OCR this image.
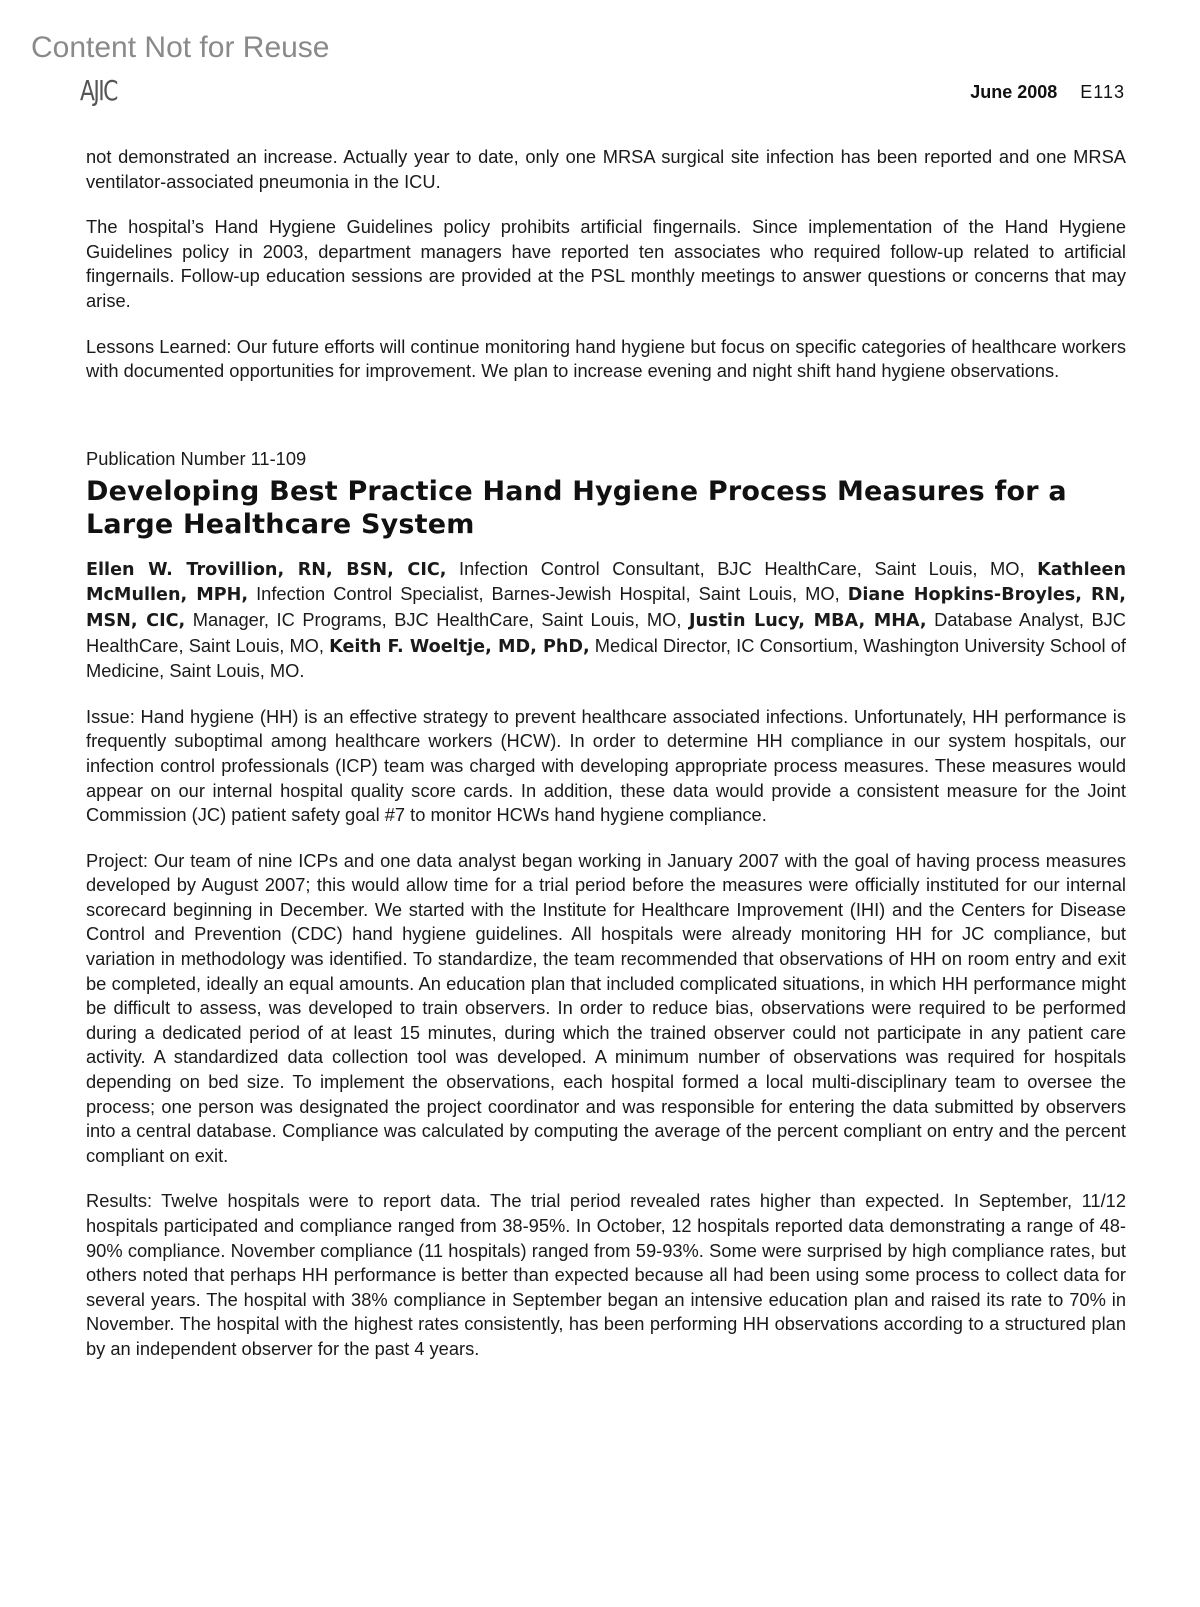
Content Not for Reuse
AJIC	June 2008 E113

not demonstrated an increase. Actually year to date, only one MRSA surgical site infection has been reported and one MRSA ventilator-associated pneumonia in the ICU.

The hospital’s Hand Hygiene Guidelines policy prohibits artificial fingernails. Since implementation of the Hand Hygiene Guidelines policy in 2003, department managers have reported ten associates who required follow-up related to artificial fingernails. Follow-up education sessions are provided at the PSL monthly meetings to answer questions or concerns that may arise.

Lessons Learned: Our future efforts will continue monitoring hand hygiene but focus on specific categories of healthcare workers with documented opportunities for improvement. We plan to increase evening and night shift hand hygiene observations.

Publication Number 11-109
Developing Best Practice Hand Hygiene Process Measures for a Large Healthcare System

Ellen W. Trovillion, RN, BSN, CIC, Infection Control Consultant, BJC HealthCare, Saint Louis, MO, Kathleen McMullen, MPH, Infection Control Specialist, Barnes-Jewish Hospital, Saint Louis, MO, Diane Hopkins-Broyles, RN, MSN, CIC, Manager, IC Programs, BJC HealthCare, Saint Louis, MO, Justin Lucy, MBA, MHA, Database Analyst, BJC HealthCare, Saint Louis, MO, Keith F. Woeltje, MD, PhD, Medical Director, IC Consortium, Washington University School of Medicine, Saint Louis, MO.

Issue: Hand hygiene (HH) is an effective strategy to prevent healthcare associated infections. Unfortunately, HH performance is frequently suboptimal among healthcare workers (HCW). In order to determine HH compliance in our system hospitals, our infection control professionals (ICP) team was charged with developing appropriate process measures. These measures would appear on our internal hospital quality score cards. In addition, these data would provide a consistent measure for the Joint Commission (JC) patient safety goal #7 to monitor HCWs hand hygiene compliance.

Project: Our team of nine ICPs and one data analyst began working in January 2007 with the goal of having process measures developed by August 2007; this would allow time for a trial period before the measures were officially instituted for our internal scorecard beginning in December. We started with the Institute for Healthcare Improvement (IHI) and the Centers for Disease Control and Prevention (CDC) hand hygiene guidelines. All hospitals were already monitoring HH for JC compliance, but variation in methodology was identified. To standardize, the team recommended that observations of HH on room entry and exit be completed, ideally an equal amounts. An education plan that included complicated situations, in which HH performance might be difficult to assess, was developed to train observers. In order to reduce bias, observations were required to be performed during a dedicated period of at least 15 minutes, during which the trained observer could not participate in any patient care activity. A standardized data collection tool was developed. A minimum number of observations was required for hospitals depending on bed size. To implement the observations, each hospital formed a local multi-disciplinary team to oversee the process; one person was designated the project coordinator and was responsible for entering the data submitted by observers into a central database. Compliance was calculated by computing the average of the percent compliant on entry and the percent compliant on exit.

Results: Twelve hospitals were to report data. The trial period revealed rates higher than expected. In September, 11/12 hospitals participated and compliance ranged from 38-95%. In October, 12 hospitals reported data demonstrating a range of 48-90% compliance. November compliance (11 hospitals) ranged from 59-93%. Some were surprised by high compliance rates, but others noted that perhaps HH performance is better than expected because all had been using some process to collect data for several years. The hospital with 38% compliance in September began an intensive education plan and raised its rate to 70% in November. The hospital with the highest rates consistently, has been performing HH observations according to a structured plan by an independent observer for the past 4 years.
